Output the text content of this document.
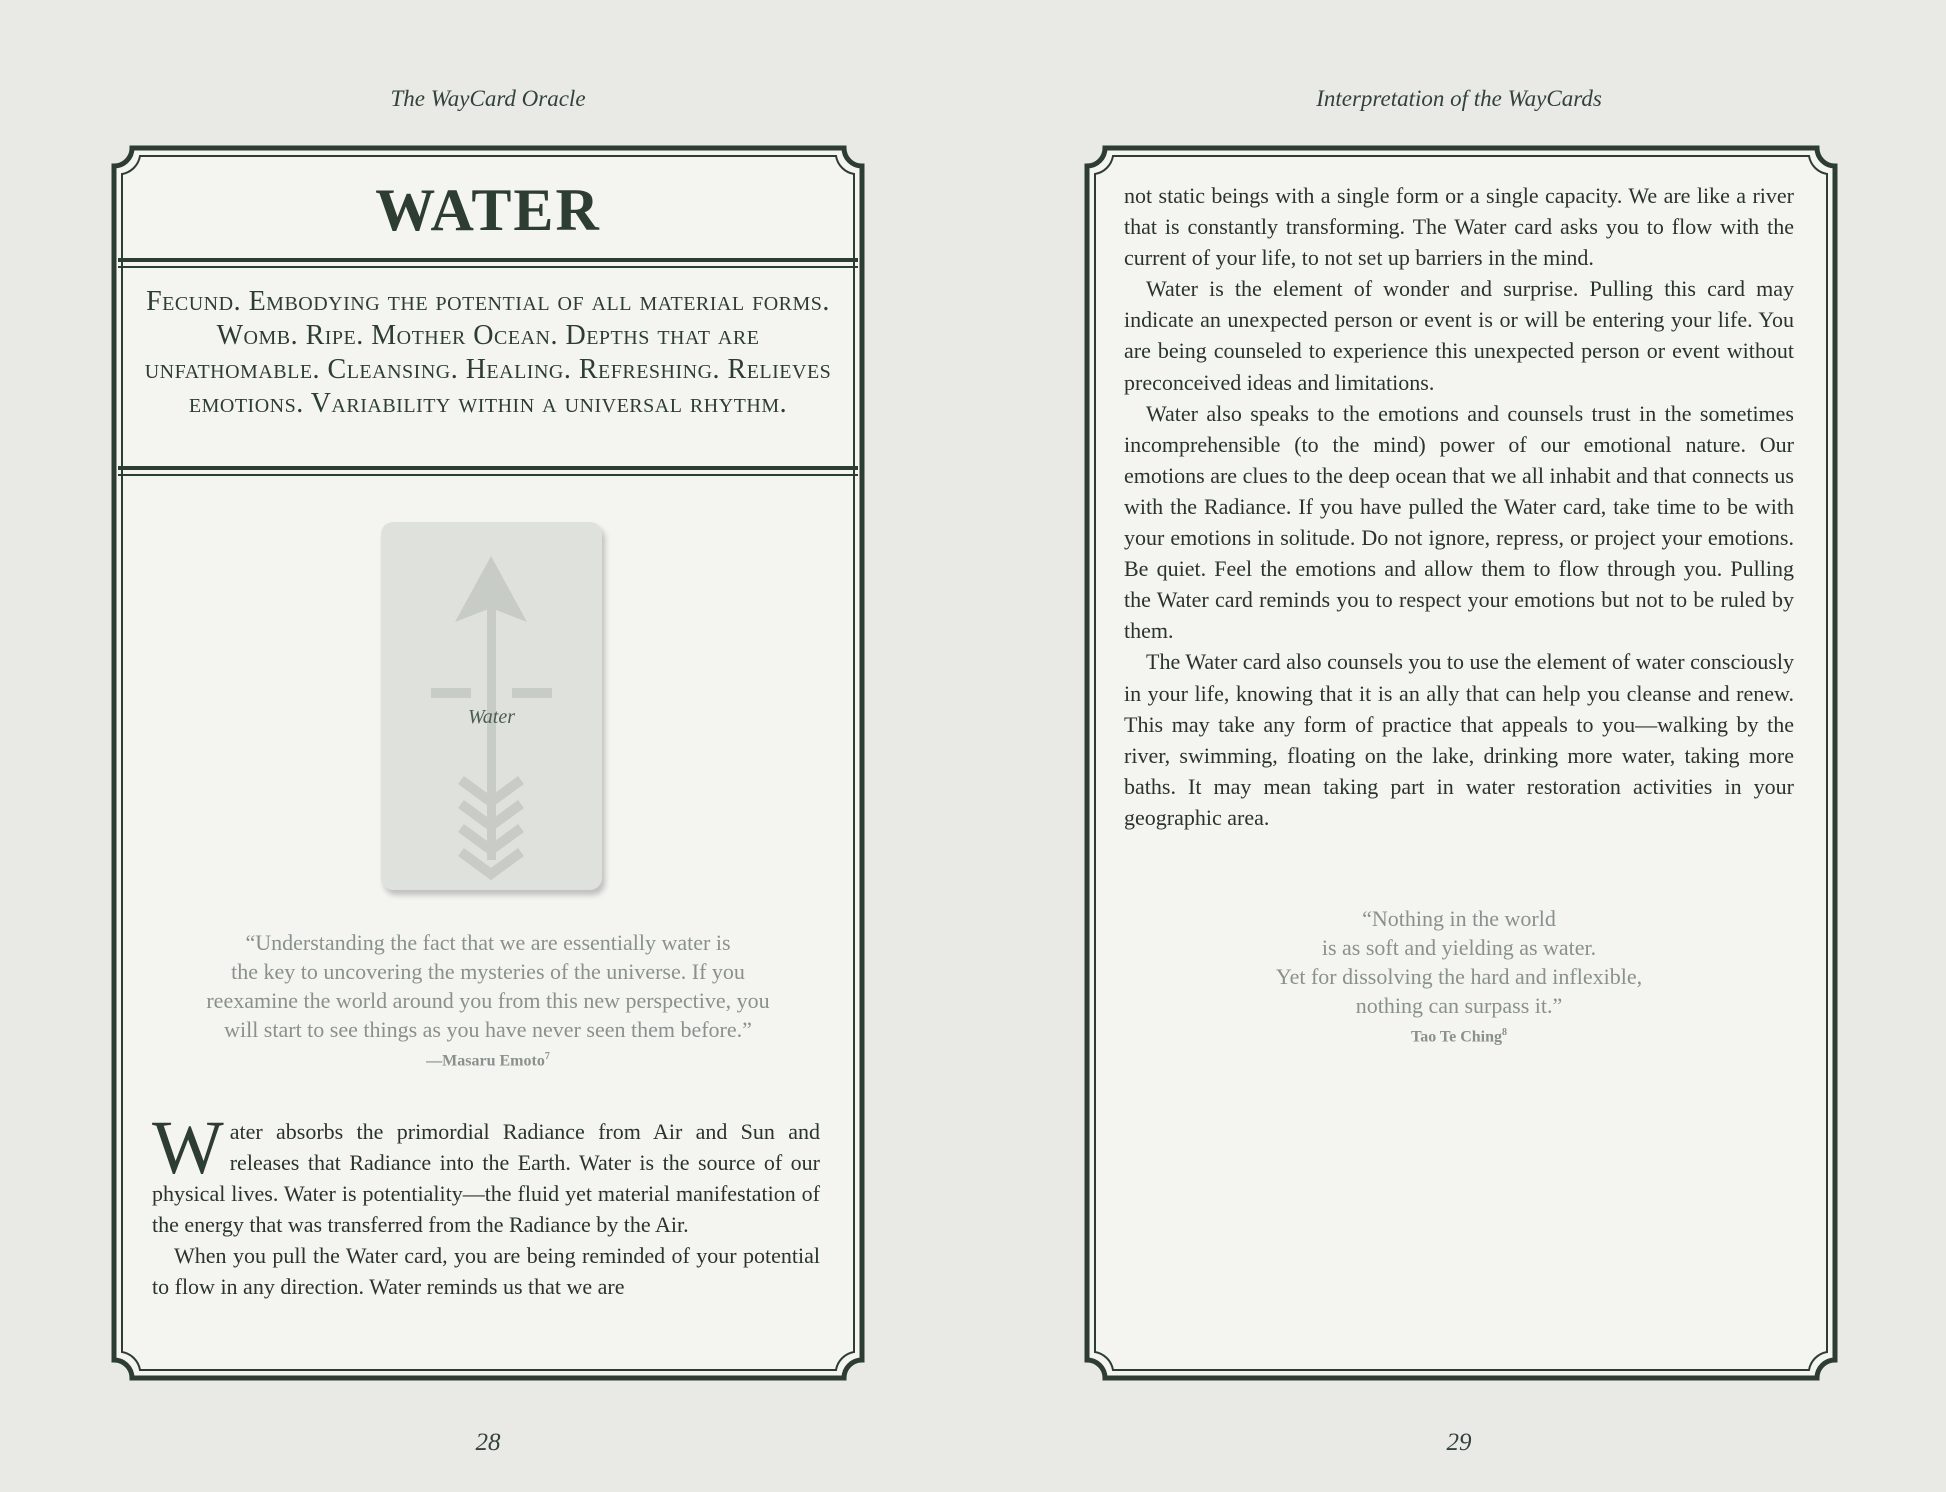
The WayCard Oracle	Interpretation of the WayCards
WATER
Fecund. Embodying the potential of all material forms. Womb. Ripe. Mother Ocean. Depths that are unfathomable. Cleansing. Healing. Refreshing. Relieves emotions. Variability within a universal rhythm.
Water
“Understanding the fact that we are essentially water is
the key to uncovering the mysteries of the universe. If you
reexamine the world around you from this new perspective, you
will start to see things as you have never seen them before.”
—Masaru Emoto$^7$

Water absorbs the primordial Radiance from Air and Sun and releases that Radiance into the Earth. Water is the source of our physical lives. Water is potentiality—the fluid yet material manifestation of the energy that was transferred from the Radiance by the Air.

When you pull the Water card, you are being reminded of your potential to flow in any direction. Water reminds us that we are

not static beings with a single form or a single capacity. We are like a river that is constantly transforming. The Water card asks you to flow with the current of your life, to not set up barriers in the mind.

Water is the element of wonder and surprise. Pulling this card may indicate an unexpected person or event is or will be entering your life. You are being counseled to experience this unexpected person or event without preconceived ideas and limitations.

Water also speaks to the emotions and counsels trust in the sometimes incomprehensible (to the mind) power of our emotional nature. Our emotions are clues to the deep ocean that we all inhabit and that connects us with the Radiance. If you have pulled the Water card, take time to be with your emotions in solitude. Do not ignore, repress, or project your emotions. Be quiet. Feel the emotions and allow them to flow through you. Pulling the Water card reminds you to respect your emotions but not to be ruled by them.

The Water card also counsels you to use the element of water consciously in your life, knowing that it is an ally that can help you cleanse and renew. This may take any form of practice that appeals to you—walking by the river, swimming, floating on the lake, drinking more water, taking more baths. It may mean taking part in water restoration activities in your geographic area.

“Nothing in the world
is as soft and yielding as water.
Yet for dissolving the hard and inflexible,
nothing can surpass it.”
Tao Te Ching$^8$
28	29
